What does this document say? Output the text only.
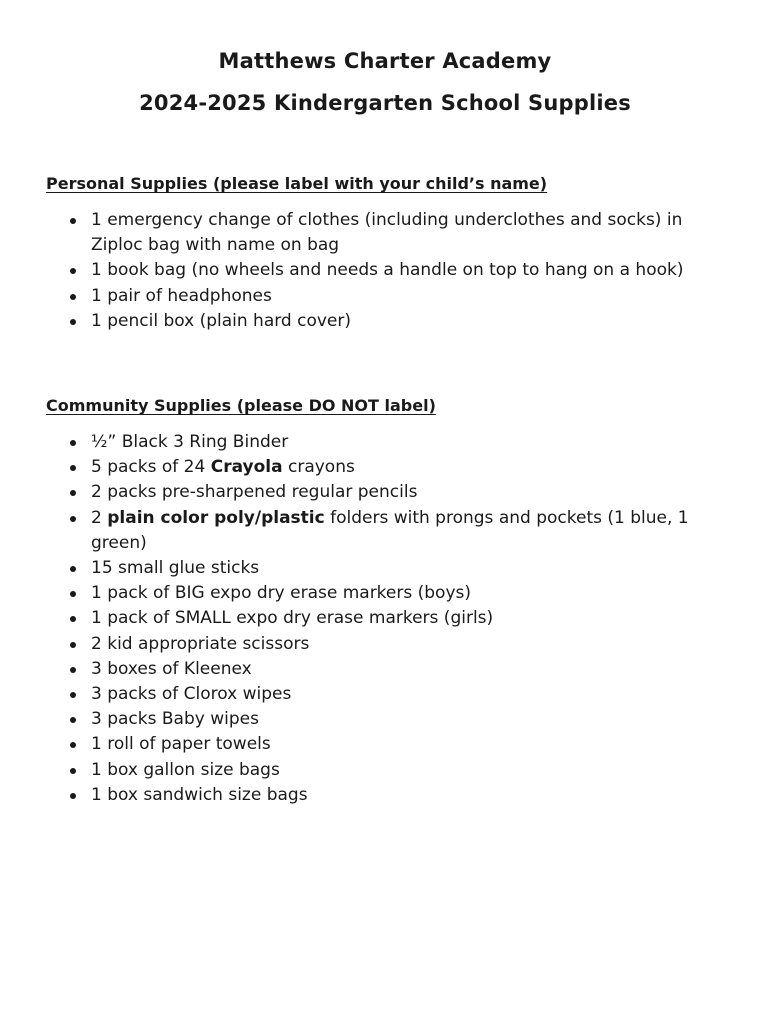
Matthews Charter Academy
2024-2025 Kindergarten School Supplies
Personal Supplies (please label with your child’s name)
1 emergency change of clothes (including underclothes and socks) in Ziploc bag with name on bag
1 book bag (no wheels and needs a handle on top to hang on a hook)
1 pair of headphones
1 pencil box (plain hard cover)
Community Supplies (please DO NOT label)
½” Black 3 Ring Binder
5 packs of 24 Crayola crayons
2 packs pre-sharpened regular pencils
2 plain color poly/plastic folders with prongs and pockets (1 blue, 1 green)
15 small glue sticks
1 pack of BIG expo dry erase markers (boys)
1 pack of SMALL expo dry erase markers (girls)
2 kid appropriate scissors
3 boxes of Kleenex
3 packs of Clorox wipes
3 packs Baby wipes
1 roll of paper towels
1 box gallon size bags
1 box sandwich size bags
